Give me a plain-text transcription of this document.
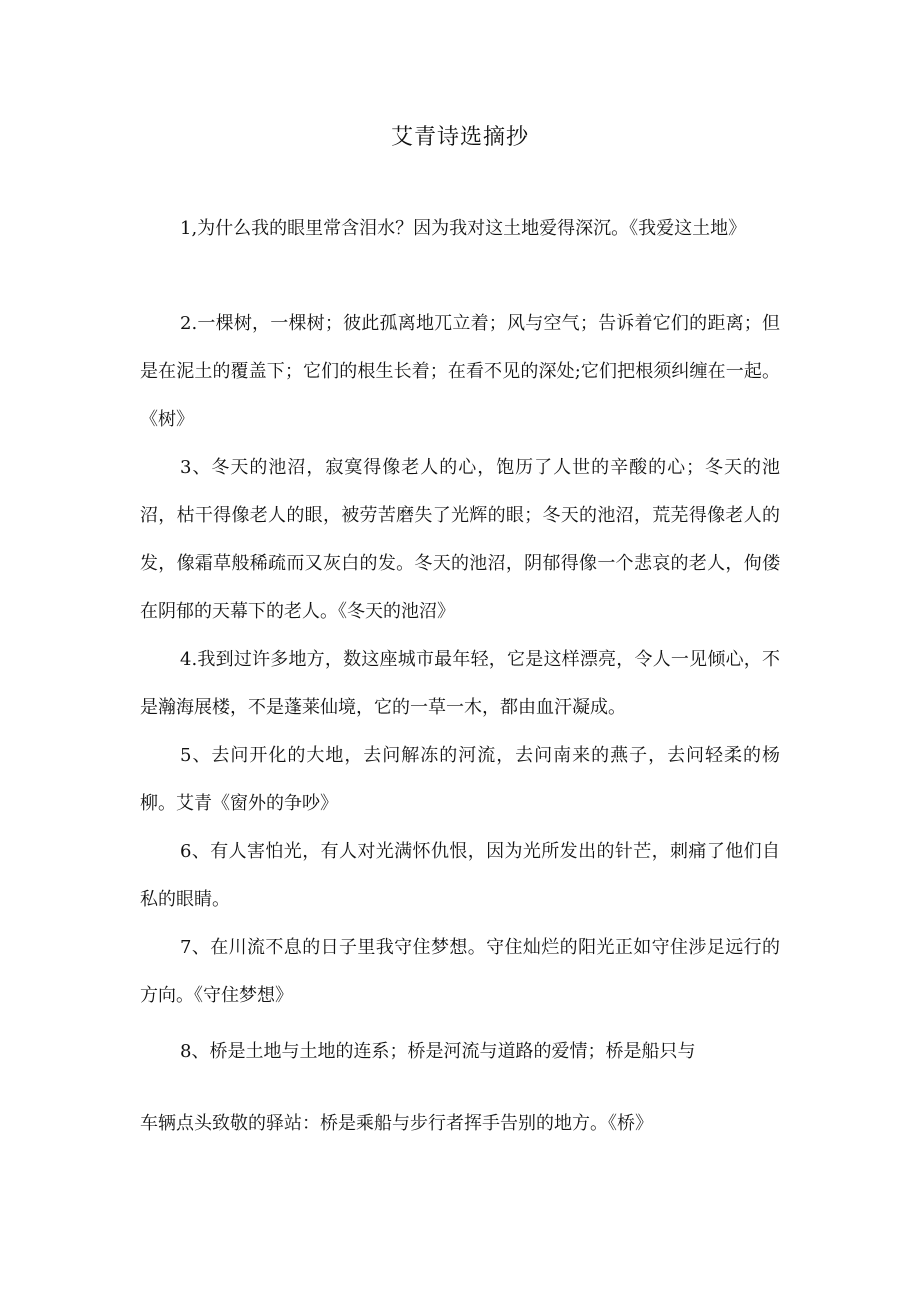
艾青诗选摘抄

1,为什么我的眼里常含泪水？因为我对这土地爱得深沉。《我爱这土地》

2.一棵树，一棵树；彼此孤离地兀立着；风与空气；告诉着它们的距离；但是在泥土的覆盖下；它们的根生长着；在看不见的深处;它们把根须纠缠在一起。《树》

3、冬天的池沼，寂寞得像老人的心，饱历了人世的辛酸的心；冬天的池沼，枯干得像老人的眼，被劳苦磨失了光辉的眼；冬天的池沼，荒芜得像老人的发，像霜草般稀疏而又灰白的发。冬天的池沼，阴郁得像一个悲哀的老人，佝偻在阴郁的天幕下的老人。《冬天的池沼》

4.我到过许多地方，数这座城市最年轻，它是这样漂亮，令人一见倾心，不是瀚海展楼，不是蓬莱仙境，它的一草一木，都由血汗凝成。

5、去问开化的大地，去问解冻的河流，去问南来的燕子，去问轻柔的杨柳。艾青《窗外的争吵》

6、有人害怕光，有人对光满怀仇恨，因为光所发出的针芒，刺痛了他们自私的眼睛。

7、在川流不息的日子里我守住梦想。守住灿烂的阳光正如守住涉足远行的方向。《守住梦想》

8、桥是土地与土地的连系；桥是河流与道路的爱情；桥是船只与

车辆点头致敬的驿站：桥是乘船与步行者挥手告别的地方。《桥》
